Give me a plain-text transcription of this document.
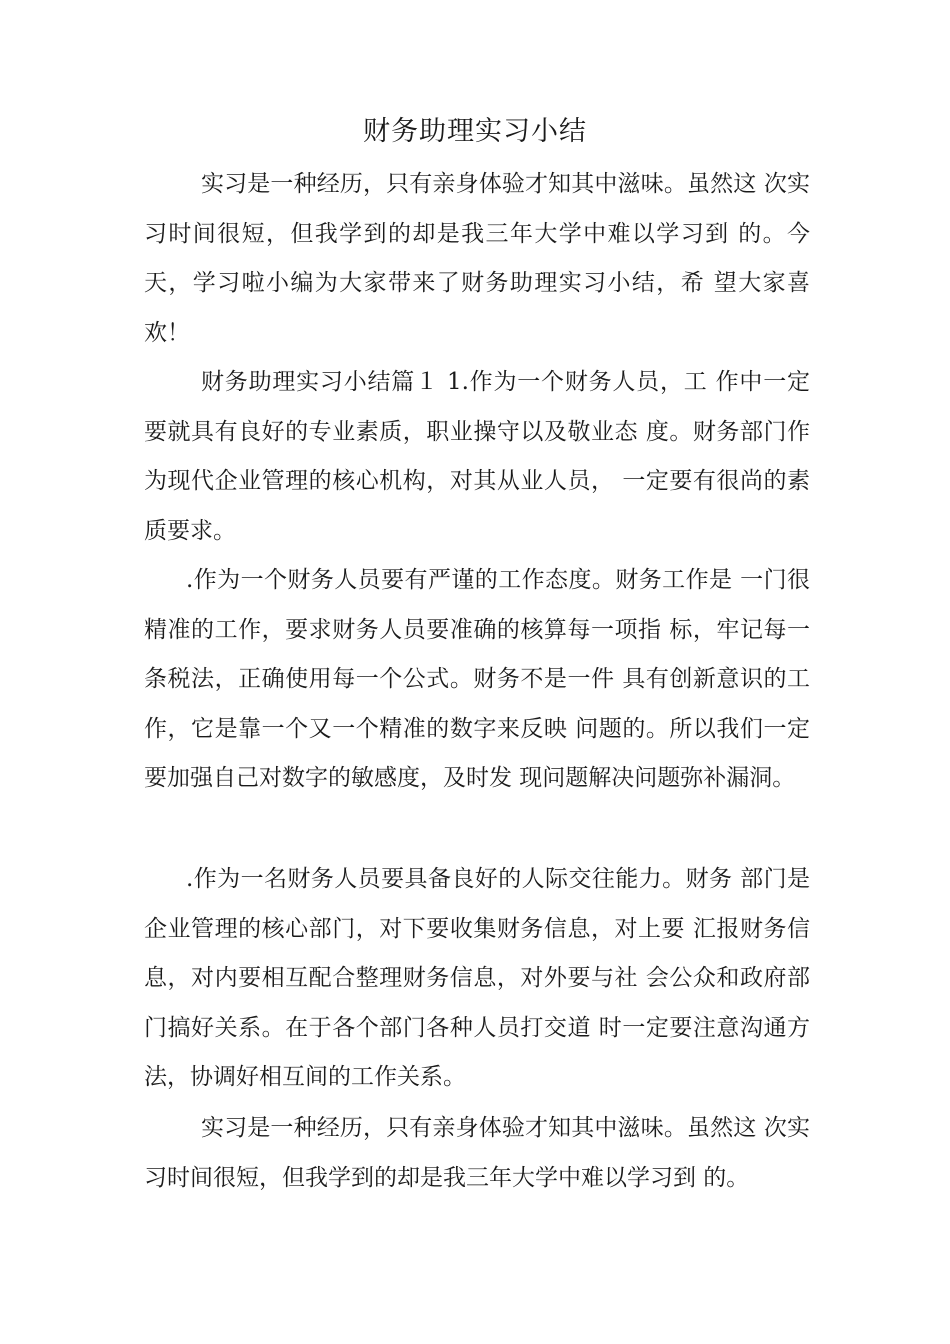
财务助理实习小结

实习是一种经历，只有亲身体验才知其中滋味。虽然这 次实习时间很短，但我学到的却是我三年大学中难以学习到 的。今天，学习啦小编为大家带来了财务助理实习小结，希 望大家喜欢！

财务助理实习小结篇１ 1.作为一个财务人员，工 作中一定要就具有良好的专业素质，职业操守以及敬业态 度。财务部门作为现代企业管理的核心机构，对其从业人员， 一定要有很尚的素质要求。

.作为一个财务人员要有严谨的工作态度。财务工作是 一门很精准的工作，要求财务人员要准确的核算每一项指 标，牢记每一条税法，正确使用每一个公式。财务不是一件 具有创新意识的工作，它是靠一个又一个精准的数字来反映 问题的。所以我们一定要加强自己对数字的敏感度，及时发 现问题解决问题弥补漏洞。

.作为一名财务人员要具备良好的人际交往能力。财务 部门是企业管理的核心部门，对下要收集财务信息，对上要 汇报财务信息，对内要相互配合整理财务信息，对外要与社 会公众和政府部门搞好关系。在于各个部门各种人员打交道 时一定要注意沟通方法，协调好相互间的工作关系。

实习是一种经历，只有亲身体验才知其中滋味。虽然这 次实习时间很短，但我学到的却是我三年大学中难以学习到 的。
